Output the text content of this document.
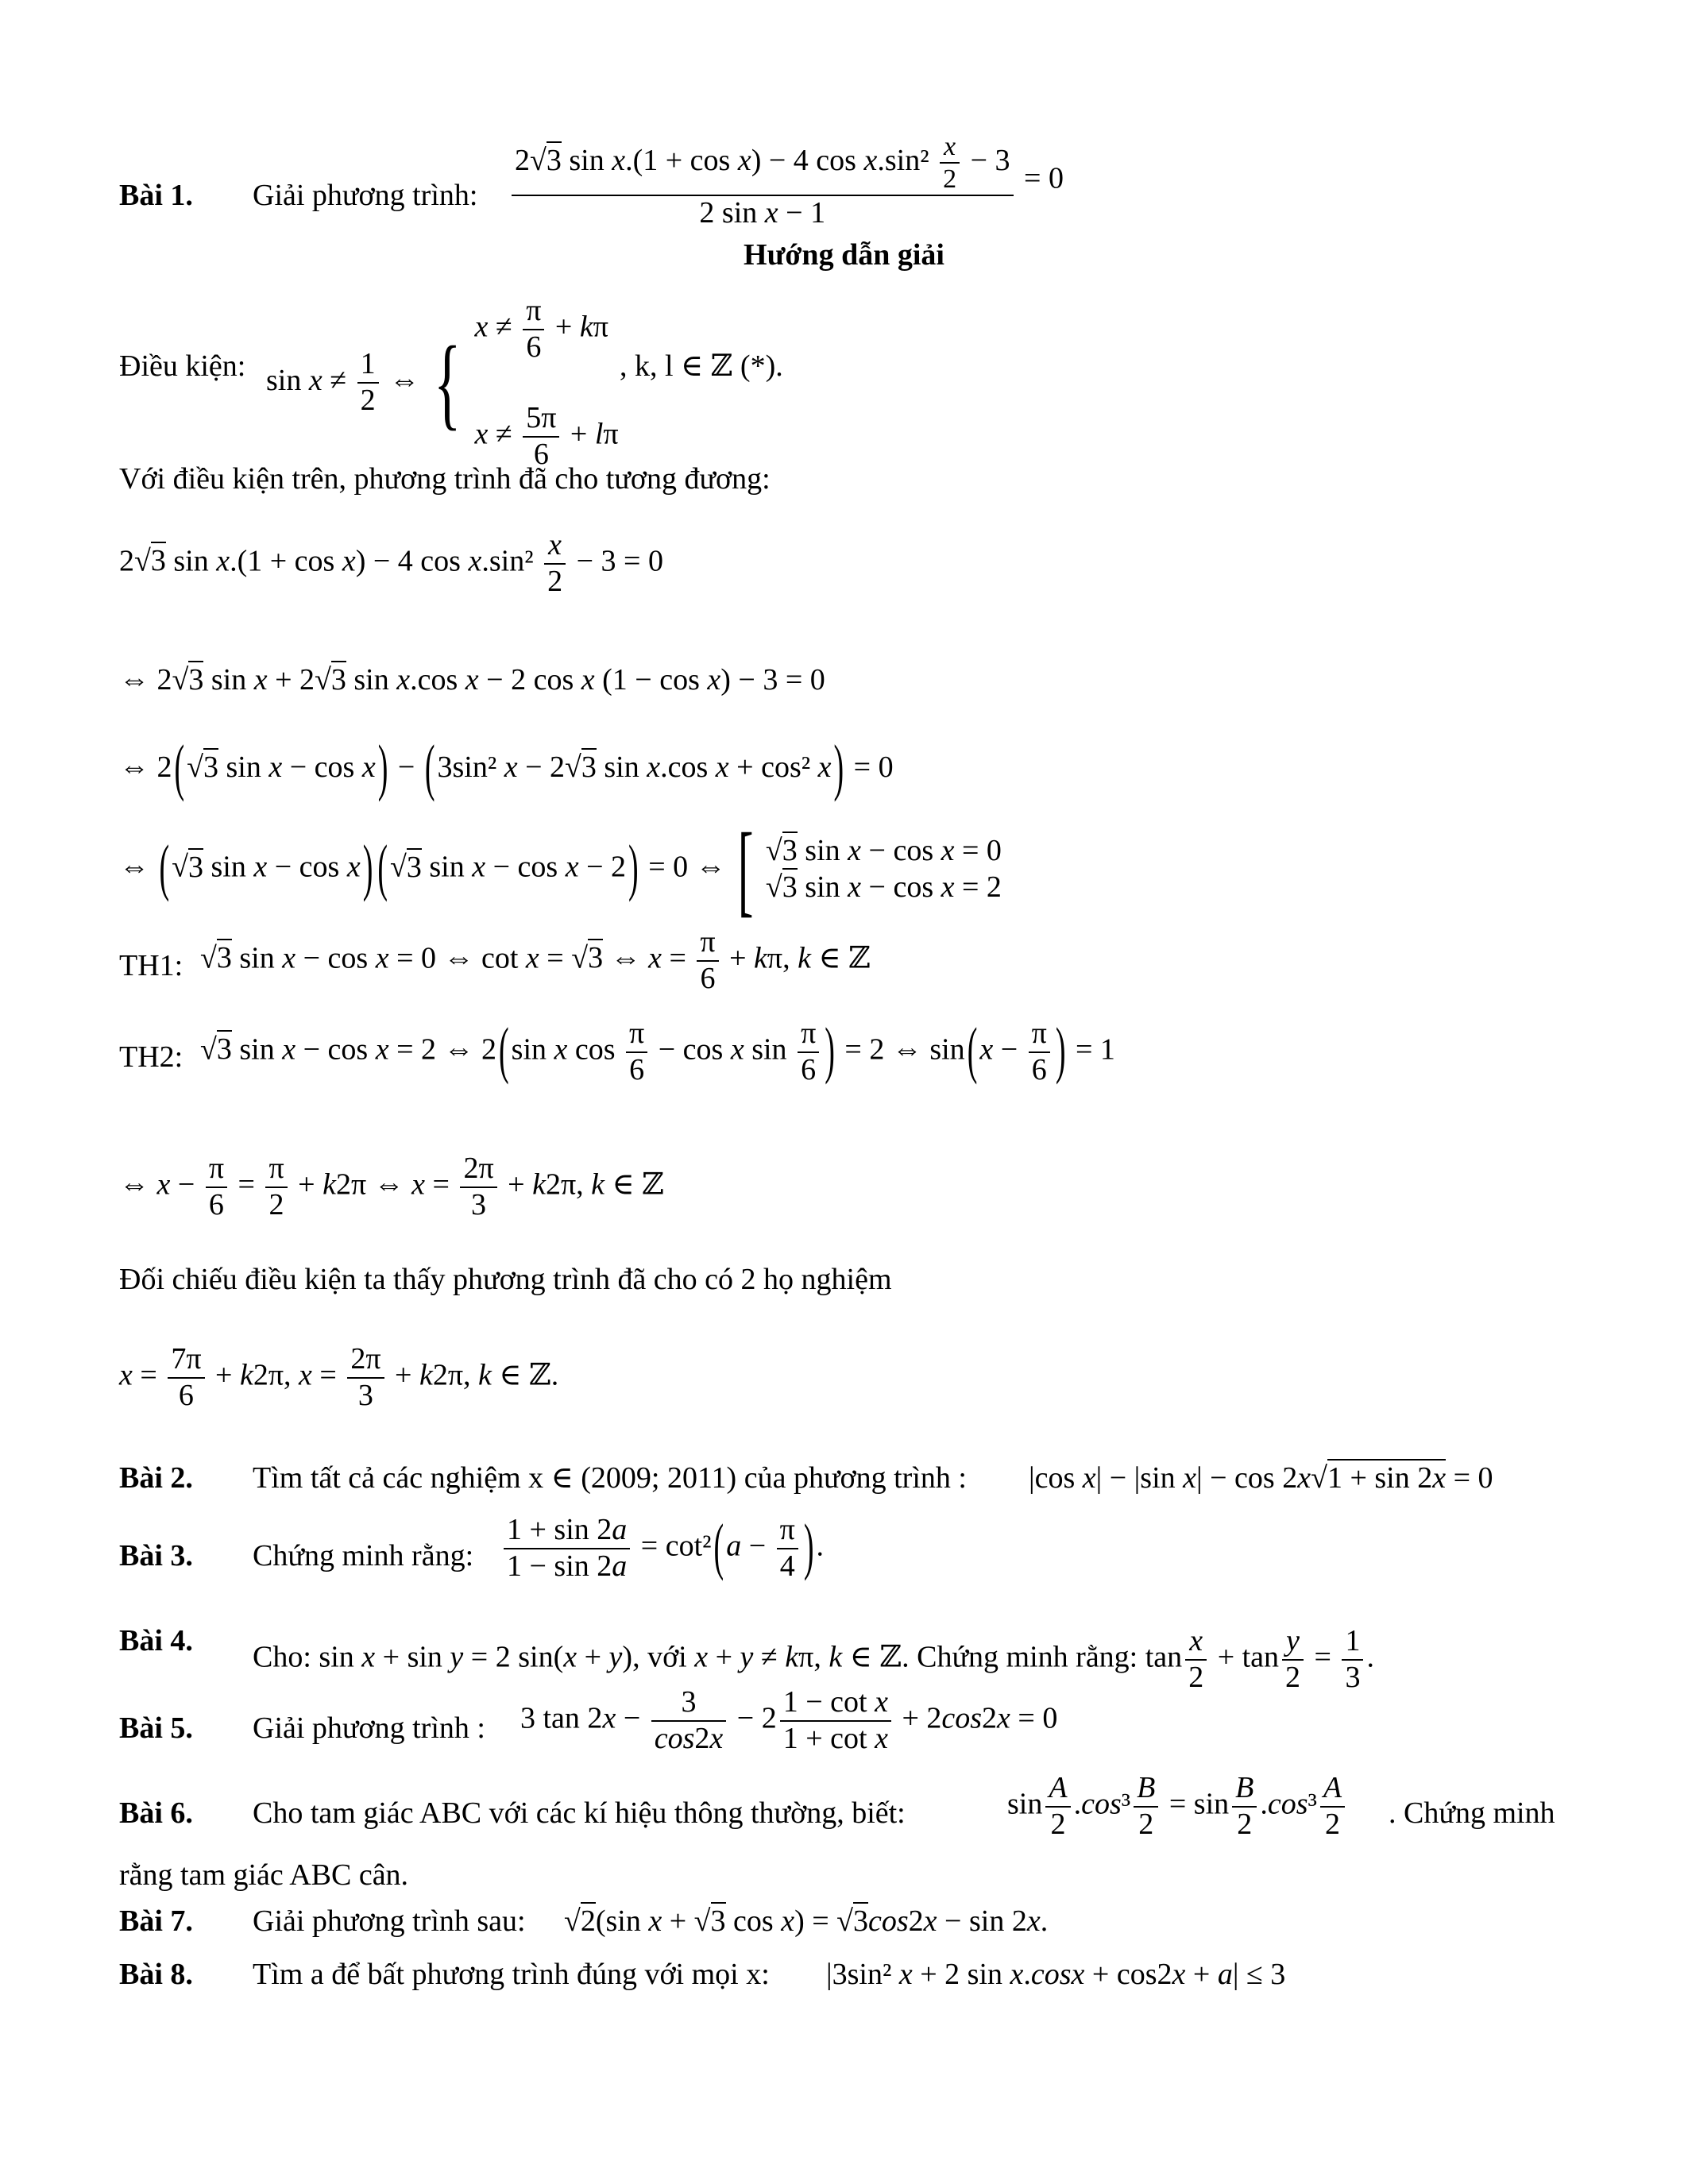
Bài 1. Giải phương trình: $\frac{2√3 \sin x.(1 + \cos x) - 4 \cos x.\sin^2 \frac{x}{2} - 3}{\text{2 sin x − 1}} = 0$
Hướng dẫn giải
Điều kiện: $\sin x \ne \frac{1}{2}$ ⇔ { $x \ne \frac{\pi}{6} + k\pi$

$x \ne \frac{5\pi}{6} + l\pi$
, k, l ∈ ℤ (*).
Với điều kiện trên, phương trình đã cho tương đương:
2√3 sin x.(1 + cos x) − 4 $\cos x.\sin^2 \frac{x}{2} - 3 = 0$
⇔ 2√3 sin x + 2√3 sin x.cos x − 2 cos x (1 − cos x) − 3 = 0
⇔ 2(√3 sin x − cos x) − (3sin² x − 2√3 sin x.cos x + cos² x) = 0
⇔ (√3 sin x − cos x) (√3 sin x − cos x − 2) = 0 ⇔ [ √3 sin x − cos x = 0
√3 sin x − cos x = 2
TH1: √3 sin x − cos x = 0 ⇔ cot x = √3 ⇔ $x = \frac{\pi}{6} + k\pi$, k ∈ ℤ
TH2: √3 sin x − cos x = 2 ⇔ 2(sin x $\cos \frac{\pi}{6} - \cos x$ $\sin \frac{\pi}{6}$ ) = 2 ⇔ $\sin(x - \frac{\pi}{6}$ ) = 1
⇔ $x - \frac{\pi}{6} = \frac{\pi}{2} + k2\pi$ ⇔ $x = \frac{2\pi}{3} + k2\pi$, k ∈ ℤ
Đối chiếu điều kiện ta thấy phương trình đã cho có 2 họ nghiệm
$x = \frac{7\pi}{6} + k2\pi$, $x = \frac{2\pi}{3} + k2\pi$, k ∈ ℤ.
Bài 2. Tìm tất cả các nghiệm x ∈ (2009; 2011) của phương trình : |cos x| − |sin x| − cos 2x√1 + sin 2x = 0
Bài 3. Chứng minh rằng: $\frac{1 + \sin 2a}{1 - \sin 2a} = \cot^2(a - \frac{\pi}{4}$ ).
Bài 4. Cho: sin x + sin y = 2 sin(x + y), với x + y ≠ kπ, k ∈ ℤ. Chứng minh rằng: $\tan \frac{x}{2} + \tan \frac{y}{2} = \frac{1}{3}$ .
Bài 5. Giải phương trình : 3 $\tan 2x - \frac{3}{\cos 2x} - 2 \frac{\text{1 − cot x}}{\text{1 + cot x}} + 2\cos 2x = 0$
Bài 6. Cho tam giác ABC với các kí hiệu thông thường, biết:	$\sin \frac{A}{2} .\cos^3 \frac{B}{2} = \sin \frac{B}{2} .\cos^3 \frac{A}{2}$ . Chứng minh
rằng tam giác ABC cân.
Bài 7. Giải phương trình sau: √2(sin x + √3 cos x) = √3cos2x − sin 2x.
Bài 8. Tìm a để bất phương trình đúng với mọi x: |3sin² x + 2 sin x.cosx + cos2x + a| ≤ 3
